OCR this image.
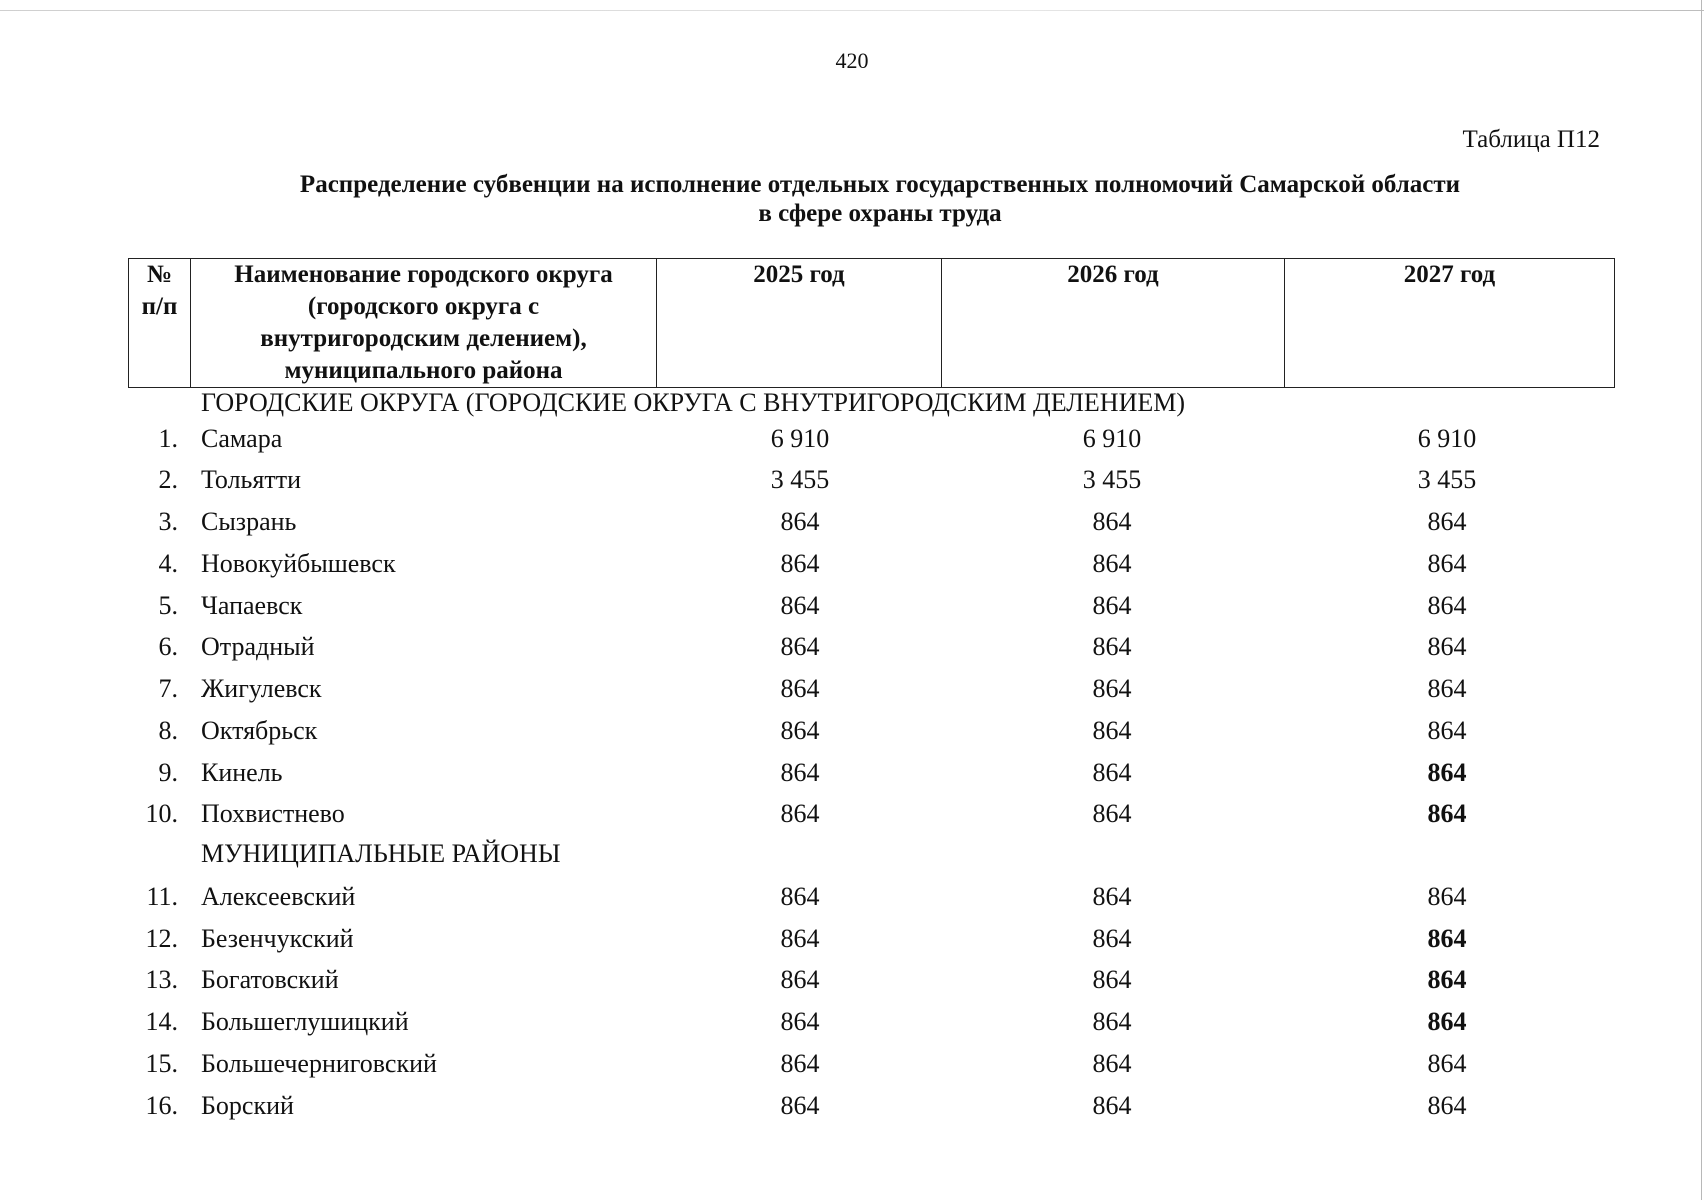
420
Таблица П12
Распределение субвенции на исполнение отдельных государственных полномочий Самарской области
в сфере охраны труда
№
п/п

Наименование городского округа
(городского округа с
внутригородским делением),
муниципального района
	2025 год	2026 год	2027 год
ГОРОДСКИЕ ОКРУГА (ГОРОДСКИЕ ОКРУГА С ВНУТРИГОРОДСКИМ ДЕЛЕНИЕМ)
1. Самара	6 910	6 910	6 910
2. Тольятти	3 455	3 455	3 455
3. Сызрань	864	864	864
4. Новокуйбышевск	864	864	864
5. Чапаевск	864	864	864
6. Отрадный	864	864	864
7. Жигулевск	864	864	864
8. Октябрьск	864	864	864
9. Кинель	864	864	864
10. Похвистнево	864	864	864
МУНИЦИПАЛЬНЫЕ РАЙОНЫ
11. Алексеевский	864	864	864
12. Безенчукский	864	864	864
13. Богатовский	864	864	864
14. Большеглушицкий	864	864	864
15. Большечерниговский	864	864	864
16. Борский	864	864	864
